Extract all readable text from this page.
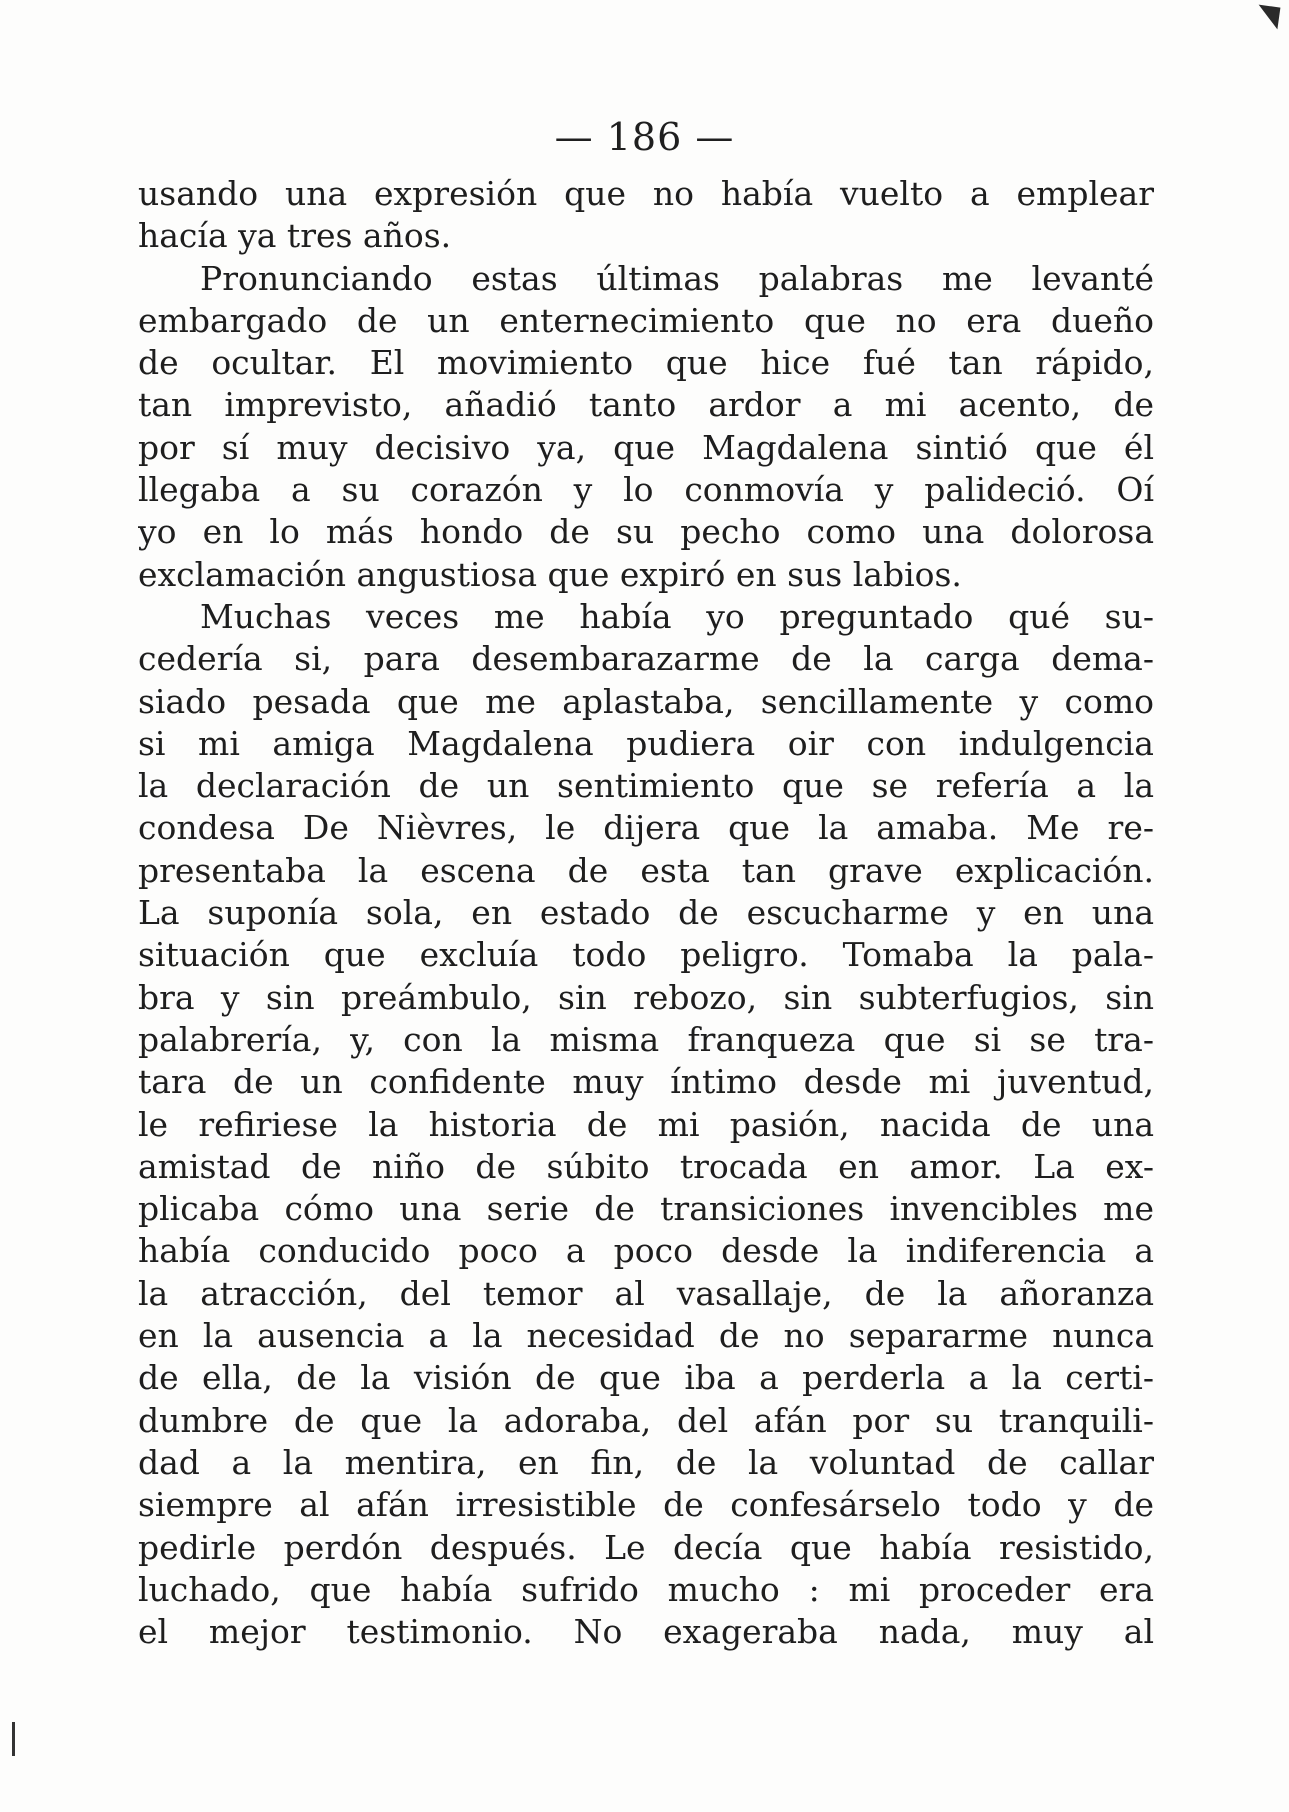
— 186 —
usando una expresión que no había vuelto a emplear
hacía ya tres años.
Pronunciando estas últimas palabras me levanté
embargado de un enternecimiento que no era dueño
de ocultar. El movimiento que hice fué tan rápido,
tan imprevisto, añadió tanto ardor a mi acento, de
por sí muy decisivo ya, que Magdalena sintió que él
llegaba a su corazón y lo conmovía y palideció. Oí
yo en lo más hondo de su pecho como una dolorosa
exclamación angustiosa que expiró en sus labios.
Muchas veces me había yo preguntado qué su-
cedería si, para desembarazarme de la carga dema-
siado pesada que me aplastaba, sencillamente y como
si mi amiga Magdalena pudiera oir con indulgencia
la declaración de un sentimiento que se refería a la
condesa De Nièvres, le dijera que la amaba. Me re-
presentaba la escena de esta tan grave explicación.
La suponía sola, en estado de escucharme y en una
situación que excluía todo peligro. Tomaba la pala-
bra y sin preámbulo, sin rebozo, sin subterfugios, sin
palabrería, y, con la misma franqueza que si se tra-
tara de un confidente muy íntimo desde mi juventud,
le refiriese la historia de mi pasión, nacida de una
amistad de niño de súbito trocada en amor. La ex-
plicaba cómo una serie de transiciones invencibles me
había conducido poco a poco desde la indiferencia a
la atracción, del temor al vasallaje, de la añoranza
en la ausencia a la necesidad de no separarme nunca
de ella, de la visión de que iba a perderla a la certi-
dumbre de que la adoraba, del afán por su tranquili-
dad a la mentira, en fin, de la voluntad de callar
siempre al afán irresistible de confesárselo todo y de
pedirle perdón después. Le decía que había resistido,
luchado, que había sufrido mucho : mi proceder era
el mejor testimonio. No exageraba nada, muy al
